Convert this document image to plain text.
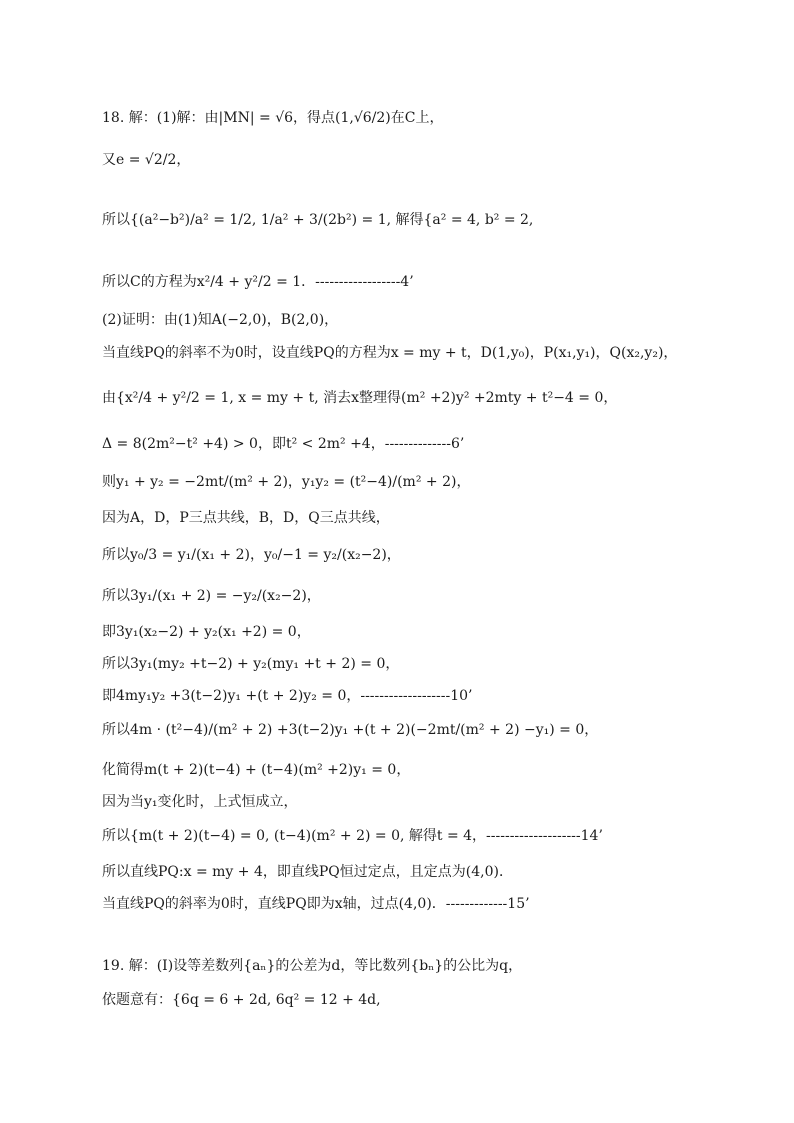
18. 解：(1)解：由|MN| = √6，得点(1,√6/2)在C上，
又e = √2/2，
所以{(a²−b²)/a² = 1/2, 1/a² + 3/(2b²) = 1, 解得{a² = 4, b² = 2,
所以C的方程为x²/4 + y²/2 = 1．------------------4’
(2)证明：由(1)知A(−2,0)，B(2,0)，
当直线PQ的斜率不为0时，设直线PQ的方程为x = my + t，D(1,y₀)，P(x₁,y₁)，Q(x₂,y₂)，
由{x²/4 + y²/2 = 1, x = my + t, 消去x整理得(m² +2)y² +2mty + t²−4 = 0，
Δ = 8(2m²−t² +4) > 0，即t² < 2m² +4，--------------6’
则y₁ + y₂ = −2mt/(m² + 2)，y₁y₂ = (t²−4)/(m² + 2)，
因为A，D，P三点共线，B，D，Q三点共线，
所以y₀/3 = y₁/(x₁ + 2)，y₀/−1 = y₂/(x₂−2)，
所以3y₁/(x₁ + 2) = −y₂/(x₂−2)，
即3y₁(x₂−2) + y₂(x₁ +2) = 0，
所以3y₁(my₂ +t−2) + y₂(my₁ +t + 2) = 0，
即4my₁y₂ +3(t−2)y₁ +(t + 2)y₂ = 0，-------------------10’
所以4m · (t²−4)/(m² + 2) +3(t−2)y₁ +(t + 2)(−2mt/(m² + 2) −y₁) = 0，
化简得m(t + 2)(t−4) + (t−4)(m² +2)y₁ = 0，
因为当y₁变化时，上式恒成立，
所以{m(t + 2)(t−4) = 0, (t−4)(m² + 2) = 0, 解得t = 4，--------------------14’
所以直线PQ:x = my + 4，即直线PQ恒过定点，且定点为(4,0)．
当直线PQ的斜率为0时，直线PQ即为x轴，过点(4,0)．-------------15’
19. 解：(Ⅰ)设等差数列{aₙ}的公差为d，等比数列{bₙ}的公比为q，
依题意有：{6q = 6 + 2d, 6q² = 12 + 4d,
